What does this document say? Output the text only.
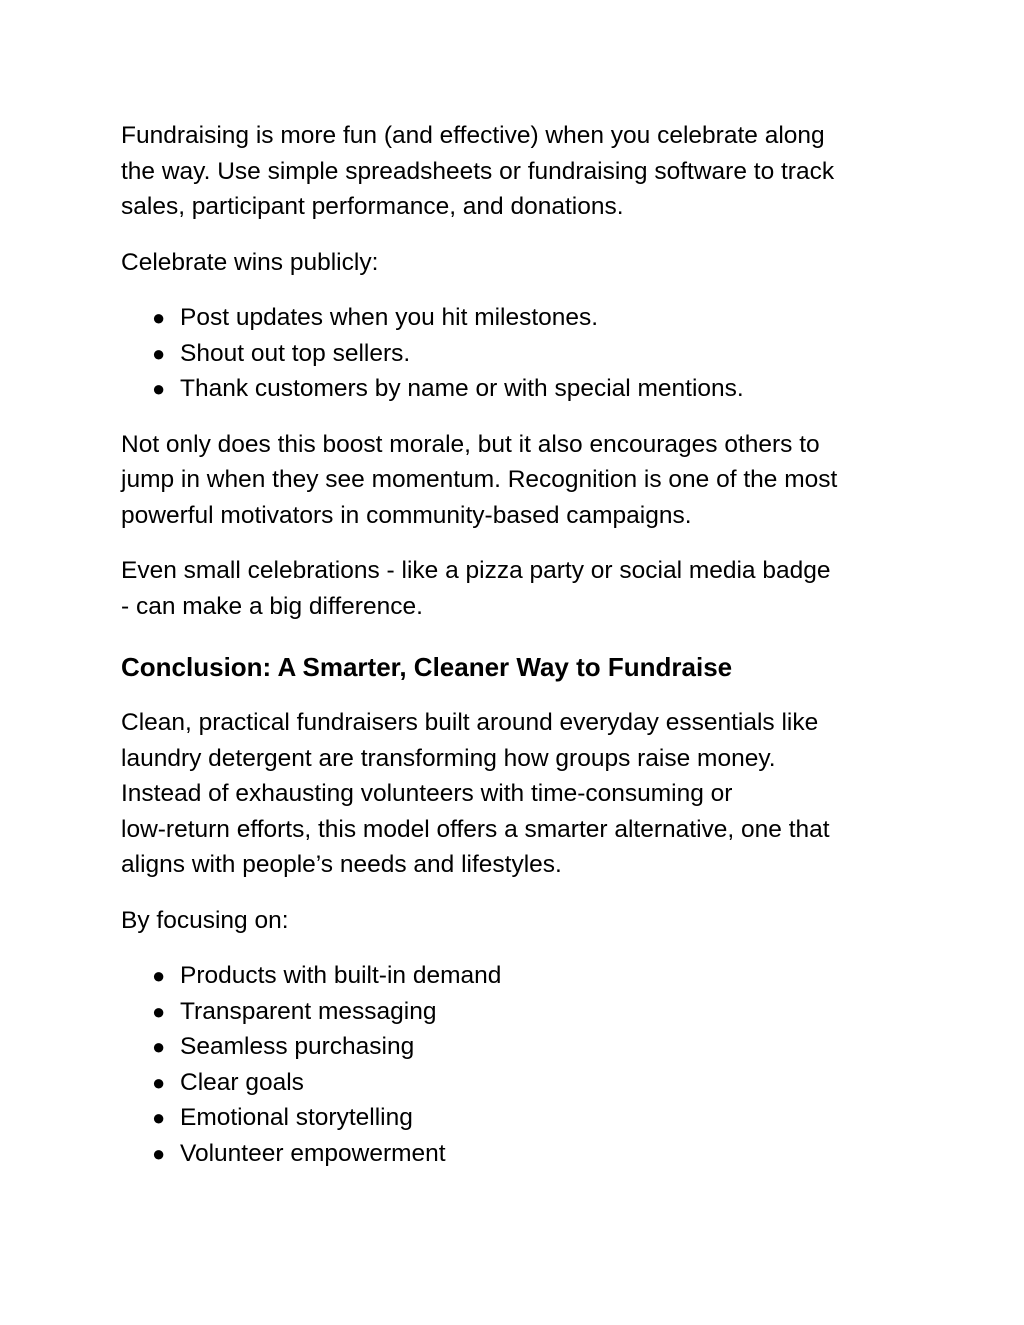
Fundraising is more fun (and effective) when you celebrate along
the way. Use simple spreadsheets or fundraising software to track
sales, participant performance, and donations.

Celebrate wins publicly:

● Post updates when you hit milestones.
● Shout out top sellers.
● Thank customers by name or with special mentions.

Not only does this boost morale, but it also encourages others to
jump in when they see momentum. Recognition is one of the most
powerful motivators in community-based campaigns.

Even small celebrations - like a pizza party or social media badge
- can make a big difference.

Conclusion: A Smarter, Cleaner Way to Fundraise

Clean, practical fundraisers built around everyday essentials like
laundry detergent are transforming how groups raise money.
Instead of exhausting volunteers with time-consuming or
low-return efforts, this model offers a smarter alternative, one that
aligns with people’s needs and lifestyles.

By focusing on:

● Products with built-in demand
● Transparent messaging
● Seamless purchasing
● Clear goals
● Emotional storytelling
● Volunteer empowerment
